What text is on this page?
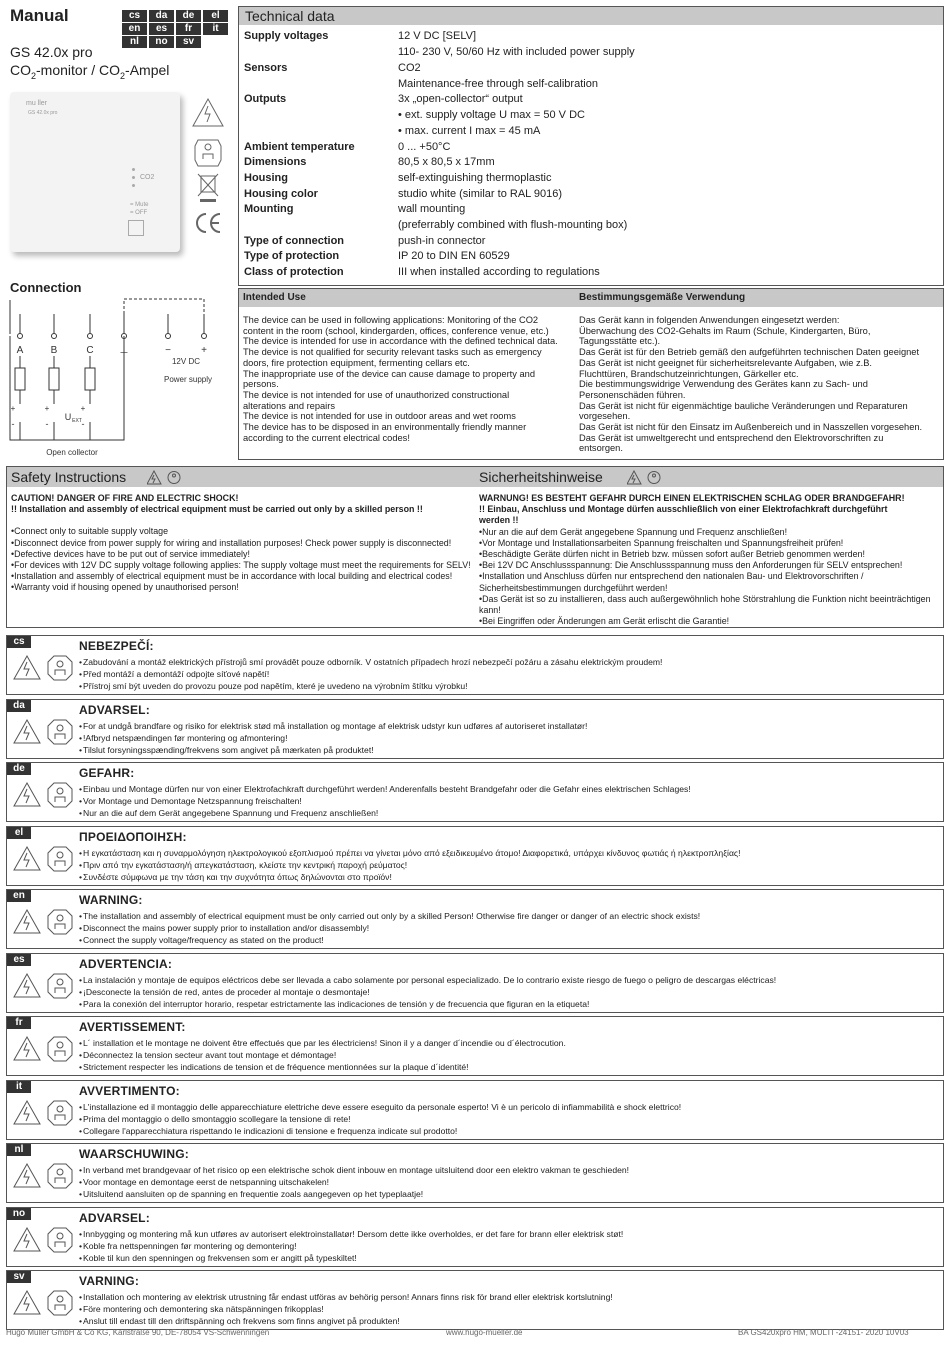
Manual	cs	da	de	el
en	es	fr	it
nl	no	sv
GS 42.0x pro
$CO_2$-monitor / $CO_2$-Ampel
mu ller
GS 42.0x pro
CO2
= Mute
= OFF
Connection
A	B	C	⊥	−	+
12V DC
Power supply
+	+	+
-	-	-
U EXT
Open collector
Technical data
Supply voltages	12 V DC [SELV]
110- 230 V, 50/60 Hz with included power supply
Sensors	CO2
Maintenance-free through self-calibration
Outputs	3x „open-collector“ output
• ext. supply voltage U max = 50 V DC
• max. current I max = 45 mA
Ambient temperature	0 ... +50°C
Dimensions	80,5 x 80,5 x 17mm
Housing	self-extinguishing thermoplastic
Housing color	studio white (similar to RAL 9016)
Mounting	wall mounting
(preferrably combined with flush-mounting box)
Type of connection	push-in connector
Type of protection	IP 20 to DIN EN 60529
Class of protection	III when installed according to regulations
Intended Use	Bestimmungsgemäße Verwendung
The device can be used in following applications: Monitoring of the CO2
content in the room (school, kindergarden, offices, conference venue, etc.)
The device is intended for use in accordance with the defined technical data.
The device is not qualified for security relevant tasks such as emergency
doors, fire protection equipment, fermenting cellars etc.
The inappropriate use of the device can cause damage to property and
persons.
The device is not intended for use of unauthorized constructional
alterations and repairs
The device is not intended for use in outdoor areas and wet rooms
The device has to be disposed in an environmentally friendly manner
according to the current electrical codes!
Das Gerät kann in folgenden Anwendungen eingesetzt werden:
Überwachung des CO2-Gehalts im Raum (Schule, Kindergarten, Büro,
Tagungsstätte etc.).
Das Gerät ist für den Betrieb gemäß den aufgeführten technischen Daten geeignet
Das Gerät ist nicht geeignet für sicherheitsrelevante Aufgaben, wie z.B.
Fluchttüren, Brandschutzeinrichtungen, Gärkeller etc.
Die bestimmungswidrige Verwendung des Gerätes kann zu Sach- und
Personenschäden führen.
Das Gerät ist nicht für eigenmächtige bauliche Veränderungen und Reparaturen
vorgesehen.
Das Gerät ist nicht für den Einsatz im Außenbereich und in Nasszellen vorgesehen.
Das Gerät ist umweltgerecht und entsprechend den Elektrovorschriften zu
entsorgen.
Safety Instructions	Sicherheitshinweise
CAUTION! DANGER OF FIRE AND ELECTRIC SHOCK!
!! Installation and assembly of electrical equipment must be carried out only by a skilled person !!
•Connect only to suitable supply voltage
•Disconnect device from power supply for wiring and installation purposes! Check power supply is disconnected!
•Defective devices have to be put out of service immediately!
•For devices with 12V DC supply voltage following applies: The supply voltage must meet the requirements for SELV!
•Installation and assembly of electrical equipment must be in accordance with local building and electrical codes!
•Warranty void if housing opened by unauthorised person!
WARNUNG! ES BESTEHT GEFAHR DURCH EINEN ELEKTRISCHEN SCHLAG ODER BRANDGEFAHR!
!! Einbau, Anschluss und Montage dürfen ausschließlich von einer Elektrofachkraft durchgeführt
werden !!
•Nur an die auf dem Gerät angegebene Spannung und Frequenz anschließen!
•Vor Montage und Installationsarbeiten Spannung freischalten und Spannungsfreiheit prüfen!
•Beschädigte Geräte dürfen nicht in Betrieb bzw. müssen sofort außer Betrieb genommen werden!
•Bei 12V DC Anschlussspannung: Die Anschlussspannung muss den Anforderungen für SELV entsprechen!
•Installation und Anschluss dürfen nur entsprechend den nationalen Bau- und Elektrovorschriften /
Sicherheitsbestimmungen durchgeführt werden!
•Das Gerät ist so zu installieren, dass auch außergewöhnlich hohe Störstrahlung die Funktion nicht beeinträchtigen kann!
•Bei Eingriffen oder Änderungen am Gerät erlischt die Garantie!
cs	NEBEZPEČÍ:
• Zabudování a montáž elektrických přístrojů smí provádět pouze odborník. V ostatních případech hrozí nebezpečí požáru a zásahu elektrickým proudem!
• Před montáží a demontáží odpojte síťové napětí!
• Přístroj smí být uveden do provozu pouze pod napětím, které je uvedeno na výrobním štítku výrobku!
da	ADVARSEL:
• For at undgå brandfare og risiko for elektrisk stød må installation og montage af elektrisk udstyr kun udføres af autoriseret installatør!
• !Afbryd netspændingen før montering og afmontering!
• Tilslut forsyningsspænding/frekvens som angivet på mærkaten på produktet!
de	GEFAHR:
• Einbau und Montage dürfen nur von einer Elektrofachkraft durchgeführt werden! Anderenfalls besteht Brandgefahr oder die Gefahr eines elektrischen Schlages!
• Vor Montage und Demontage Netzspannung freischalten!
• Nur an die auf dem Gerät angegebene Spannung und Frequenz anschließen!
el	ΠΡΟΕΙΔΟΠΟΙΗΣΗ:
• Η εγκατάσταση και η συναρμολόγηση ηλεκτρολογικού εξοπλισμού πρέπει να γίνεται μόνο από εξειδικευμένο άτομο! Διαφορετικά, υπάρχει κίνδυνος φωτιάς ή ηλεκτροπληξίας!
• Πριν από την εγκατάσταση/ή απεγκατάσταση, κλείστε την κεντρική παροχή ρεύματος!
• Συνδέστε σύμφωνα με την τάση και την συχνότητα όπως δηλώνονται στο προϊόν!
en	WARNING:
• The installation and assembly of electrical equipment must be only carried out only by a skilled Person! Otherwise fire danger or danger of an electric shock exists!
• Disconnect the mains power supply prior to installation and/or disassembly!
• Connect the supply voltage/frequency as stated on the product!
es	ADVERTENCIA:
• La instalación y montaje de equipos eléctricos debe ser llevada a cabo solamente por personal especializado. De lo contrario existe riesgo de fuego o peligro de descargas eléctricas!
• ¡Desconecte la tensión de red, antes de proceder al montaje o desmontaje!
• Para la conexión del interruptor horario, respetar estrictamente las indicaciones de tensión y de frecuencia que figuran en la etiqueta!
fr	AVERTISSEMENT:
• L´ installation et le montage ne doivent être effectués que par les électriciens! Sinon il y a danger d´incendie ou d´électrocution.
• Déconnectez la tension secteur avant tout montage et démontage!
• Strictement respecter les indications de tension et de fréquence mentionnées sur la plaque d´identité!
it	AVVERTIMENTO:
• L'installazione ed il montaggio delle apparecchiature elettriche deve essere eseguito da personale esperto! Vi è un pericolo di infiammabilità e shock elettrico!
• Prima del montaggio o dello smontaggio scollegare la tensione di rete!
• Collegare l'apparecchiatura rispettando le indicazioni di tensione e frequenza indicate sul prodotto!
nl	WAARSCHUWING:
• In verband met brandgevaar of het risico op een elektrische schok dient inbouw en montage uitsluitend door een elektro vakman te geschieden!
• Voor montage en demontage eerst de netspanning uitschakelen!
• Uitsluitend aansluiten op de spanning en frequentie zoals aangegeven op het typeplaatje!
no	ADVARSEL:
• Innbygging og montering må kun utføres av autorisert elektroinstallatør! Dersom dette ikke overholdes, er det fare for brann eller elektrisk støt!
• Koble fra nettspenningen før montering og demontering!
• Koble til kun den spenningen og frekvensen som er angitt på typeskiltet!
sv	VARNING:
• Installation och montering av elektrisk utrustning får endast utföras av behörig person! Annars finns risk för brand eller elektrisk kortslutning!
• Före montering och demontering ska nätspänningen frikopplas!
• Anslut till endast till den driftspänning och frekvens som finns angivet på produkten!
Hugo Müller GmbH & Co KG, Karlstraße 90, DE-78054 VS-Schwenningen	www.hugo-mueller.de	BA GS420xpro HM, MULTI -24151- 2020 10V03
